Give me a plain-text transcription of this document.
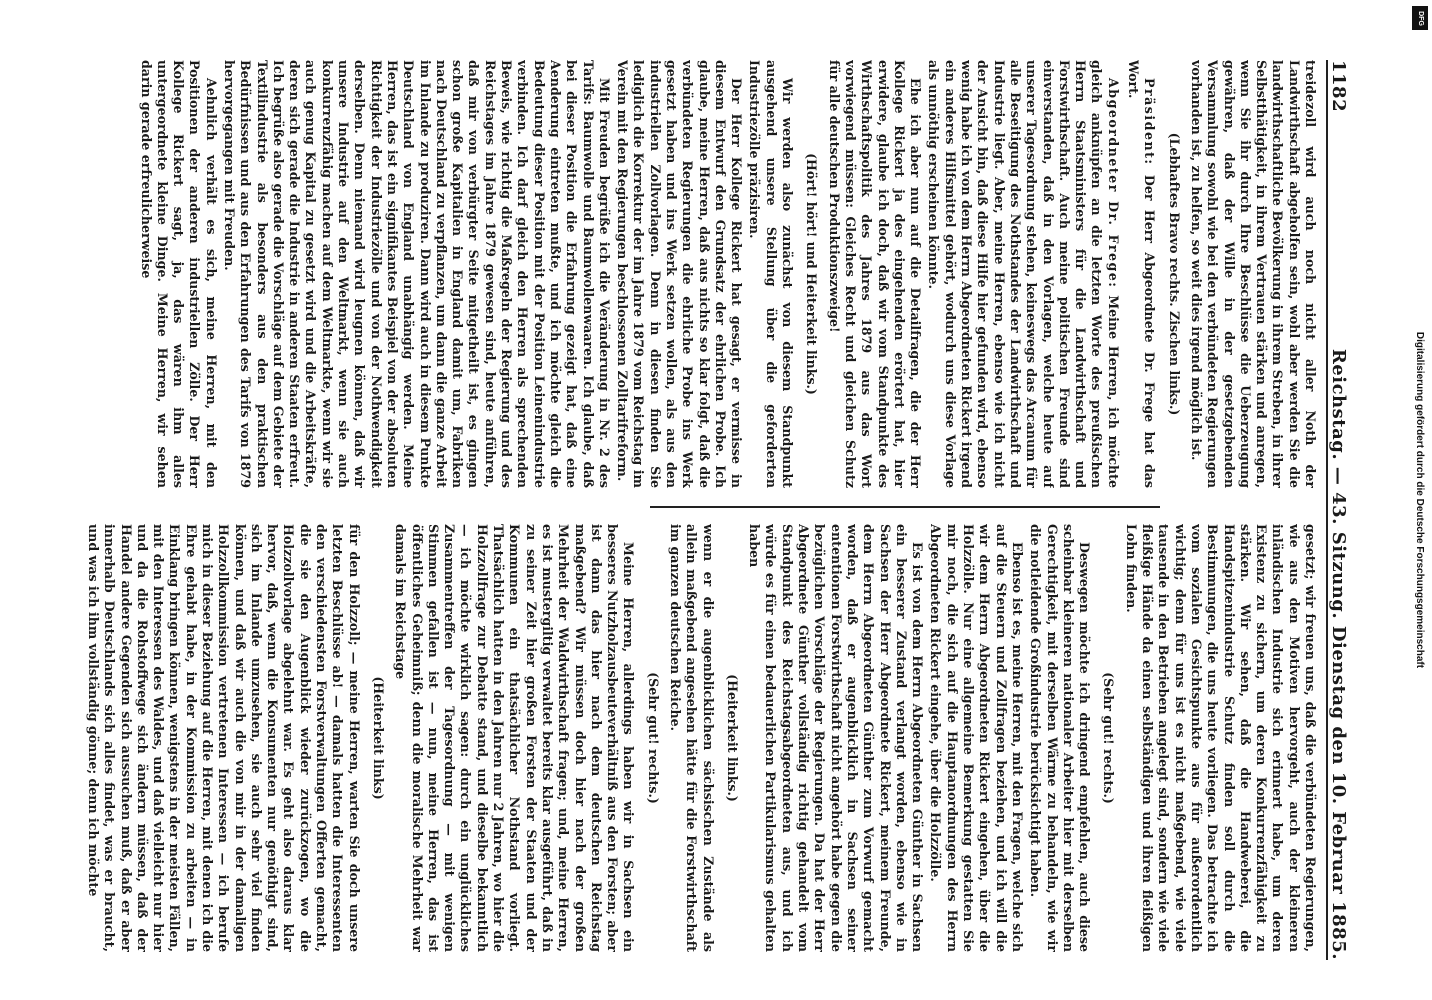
1182
Reichstag. — 43. Sitzung. Dienstag den 10. Februar 1885.

treidezoll wird auch noch nicht aller Noth der Landwirthschaft abgeholfen sein, wohl aber werden Sie die landwirthschaftliche Bevölkerung in ihrem Streben, in ihrer Selbstthätigkeit, in ihrem Vertrauen stärken und anregen, wenn Sie ihr durch Ihre Beschlüsse die Ueberzeugung gewähren, daß der Wille in der gesetzgebenden Versammlung sowohl wie bei den verbündeten Regierungen vorhanden ist, zu helfen, so weit dies irgend möglich ist.

(Lebhaftes Bravo rechts. Zischen links.)

Präsident: Der Herr Abgeordnete Dr. Frege hat das Wort.

Abgeordneter Dr. Frege: Meine Herren, ich möchte gleich anknüpfen an die letzten Worte des preußischen Herrn Staatsministers für die Landwirthschaft und Forstwirthschaft. Auch meine politischen Freunde sind einverstanden, daß in den Vorlagen, welche heute auf unserer Tagesordnung stehen, keineswegs das Arcanum für alle Beseitigung des Nothstandes der Landwirthschaft und Industrie liegt. Aber, meine Herren, ebenso wie ich nicht der Ansicht bin, daß diese Hilfe hier gefunden wird, ebenso wenig habe ich von dem Herrn Abgeordneten Rickert irgend ein anderes Hilfsmittel gehört, wodurch uns diese Vorlage als unnöthig erscheinen könnte.

Ehe ich aber nun auf die Detailfragen, die der Herr Kollege Rickert ja des eingehenden erörtert hat, hier erwidere, glaube ich doch, daß wir vom Standpunkte des Wirthschaftspolitik des Jahres 1879 aus das Wort vorwiegend müssen: Gleiches Recht und gleichen Schutz für alle deutschen Produktionszweige!

(Hört! hört! und Heiterkeit links.)

Wir werden also zunächst von diesem Standpunkt ausgehend unsere Stellung über die geforderten Industriezölle präzisiren.

Der Herr Kollege Rickert hat gesagt, er vermisse in diesem Entwurf den Grundsatz der ehrlichen Probe. Ich glaube, meine Herren, daß aus nichts so klar folgt, daß die verbündeten Regierungen die ehrliche Probe ins Werk gesetzt haben und ins Werk setzen wollen, als aus den industriellen Zollvorlagen. Denn in diesen finden Sie lediglich die Korrektur der im Jahre 1879 vom Reichstag im Verein mit den Regierungen beschlossenen Zolltarifreform.

Mit Freuden begrüße ich die Veränderung in Nr. 2 des Tarifs: Baumwolle und Baumwollenwaaren. Ich glaube, daß bei dieser Position die Erfahrung gezeigt hat, daß eine Aenderung eintreten mußte, und ich möchte gleich die Bedeutung dieser Position mit der Position Leinenindustrie verbinden. Ich darf gleich den Herren als sprechenden Beweis, wie richtig die Maßregeln der Regierung und des Reichstages im Jahre 1879 gewesen sind, heute anführen, daß mir von verbürgter Seite mitgetheilt ist, es gingen schon große Kapitalien in England damit um, Fabriken nach Deutschland zu verpflanzen, um dann die ganze Arbeit im Inlande zu produziren. Dann wird auch in diesem Punkte Deutschland von England unabhängig werden. Meine Herren, das ist ein signifikantes Beispiel von der absoluten Richtigkeit der Industriezölle und von der Nothwendigkeit derselben. Denn niemand wird leugnen können, daß wir unsere Industrie auf den Weltmarkt, wenn sie auch konkurrenzfähig machen auf dem Weltmarkte, wenn wir sie auch genug Kapital zu gesetzt wird und die Arbeitskräfte, deren sich gerade die Industrie in anderen Staaten erfreut. Ich begrüße also gerade die Vorschläge auf dem Gebiete der Textilindustrie als besonders aus den praktischen Bedürfnissen und aus den Erfahrungen des Tarifs von 1879 hervorgegangen mit Freuden.

Aehnlich verhält es sich, meine Herren, mit den Positionen der anderen industriellen Zölle. Der Herr Kollege Rickert sagt, ja, das wären ihm alles untergeordnete kleine Dinge. Meine Herren, wir sehen darin gerade erfreulicherweise

gesetzt; wir freuen uns, daß die verbündeten Regierungen, wie aus den Motiven hervorgeht, auch der kleineren inländischen Industrie sich erinnert habe, um deren Existenz zu sichern, um deren Konkurrenzfähigkeit zu stärken. Wir sehen, daß die Handweberei, die Handspitzenindustrie Schutz finden soll durch die Bestimmungen, die uns heute vorliegen. Das betrachte ich vom sozialen Gesichtspunkte aus für außerordentlich wichtig; denn für uns ist es nicht maßgebend, wie viele tausende in den Betrieben angelegt sind, sondern wie viele fleißige Hände da einen selbständigen und ihren fleißigen Lohn finden.

(Sehr gut! rechts.)

Deswegen möchte ich dringend empfehlen, auch diese scheinbar kleineren nationaler Arbeiter hier mit derselben Gerechtigkeit, mit derselben Wärme zu behandeln, wie wir die notleidende Großindustrie berücksichtigt haben.

Ebenso ist es, meine Herren, mit den Fragen, welche sich auf die Steuern und Zollfragen beziehen, und ich will die wir dem Herrn Abgeordneten Rickert eingehen, über die Holzzölle. Nur eine allgemeine Bemerkung gestatten Sie mir noch, die sich auf die Hauptanordnungen des Herrn Abgeordneten Rickert eingehe, über die Holzzölle.

Es ist von dem Herrn Abgeordneten Günther in Sachsen ein besserer Zustand verlangt worden, ebenso wie in Sachsen der Herr Abgeordnete Rickert, meinem Freunde, dem Herrn Abgeordneten Günther zum Vorwurf gemacht worden, daß er augenblicklich in Sachsen seiner ententionen Forstwirthschaft nicht angehört habe gegen die bezüglichen Vorschläge der Regierungen. Da hat der Herr Abgeordnete Günther vollständig richtig gehandelt vom Standpunkt des Reichstagsabgeordneten aus, und ich würde es für einen bedauerlichen Partikularismus gehalten haben

(Heiterkeit links.)

wenn er die augenblicklichen sächsischen Zustände als allein maßgebend angesehen hätte für die Forstwirthschaft im ganzen deutschen Reiche.

(Sehr gut! rechts.)

Meine Herren, allerdings haben wir in Sachsen ein besseres Nutzholzausbeuteverhältniß aus den Forsten; aber ist dann das hier nach dem deutschen Reichstag maßgebend? Wir müssen doch hier nach der großen Mehrheit der Waldwirthschaft fragen; und, meine Herren, es ist mustergiltig verwaltet bereits klar ausgeführt, daß in zu seiner Zeit hier großen Forsten der Staaten und der Kommunen ein thatsächlicher Nothstand vorliegt. Thatsächlich hatten in den Jahren nur 2 Jahren, wo hier die Holzzollfrage zur Debatte stand, und dieselbe bekanntlich — ich möchte wirklich sagen: durch ein unglückliches Zusammentreffen der Tagesordnung — mit wenigen Stimmen gefallen ist — nun, meine Herren, das ist öffentliches Geheimniß; denn die moralische Mehrheit war damals im Reichstage

(Heiterkeit links)

für den Holzzoll; — meine Herren, warten Sie doch unsere letzten Beschlüsse ab! — damals hatten die Interessenten den verschiedensten Forstverwaltungen Offerten gemacht, die sie den Augenblick wieder zurückzogen, wo die Holzzollvorlage abgelehnt war. Es geht also daraus klar hervor, daß, wenn die Konsumenten nur genöthigt sind, sich im Inlande umzusehen, sie auch sehr viel finden können, und daß wir auch die von mir in der damaligen Holzzollkommission vertretenen Interessen — ich berufe mich in dieser Beziehung auf die Herren, mit denen ich die Ehre gehabt habe, in der Kommission zu arbeiten — in Einklang bringen können, wenigstens in der meisten Fällen, mit den Interessen des Waldes, und daß vielleicht nur hier und da die Rohstoffwege sich ändern müssen, daß der Handel andere Gegenden sich aussuchen muß, daß er aber innerhalb Deutschlands sich alles findet, was er braucht, und was ich ihm vollständig gönne; denn ich möchte

Digitalisierung gefördert durch die Deutsche Forschungsgemeinschaft
DFG
